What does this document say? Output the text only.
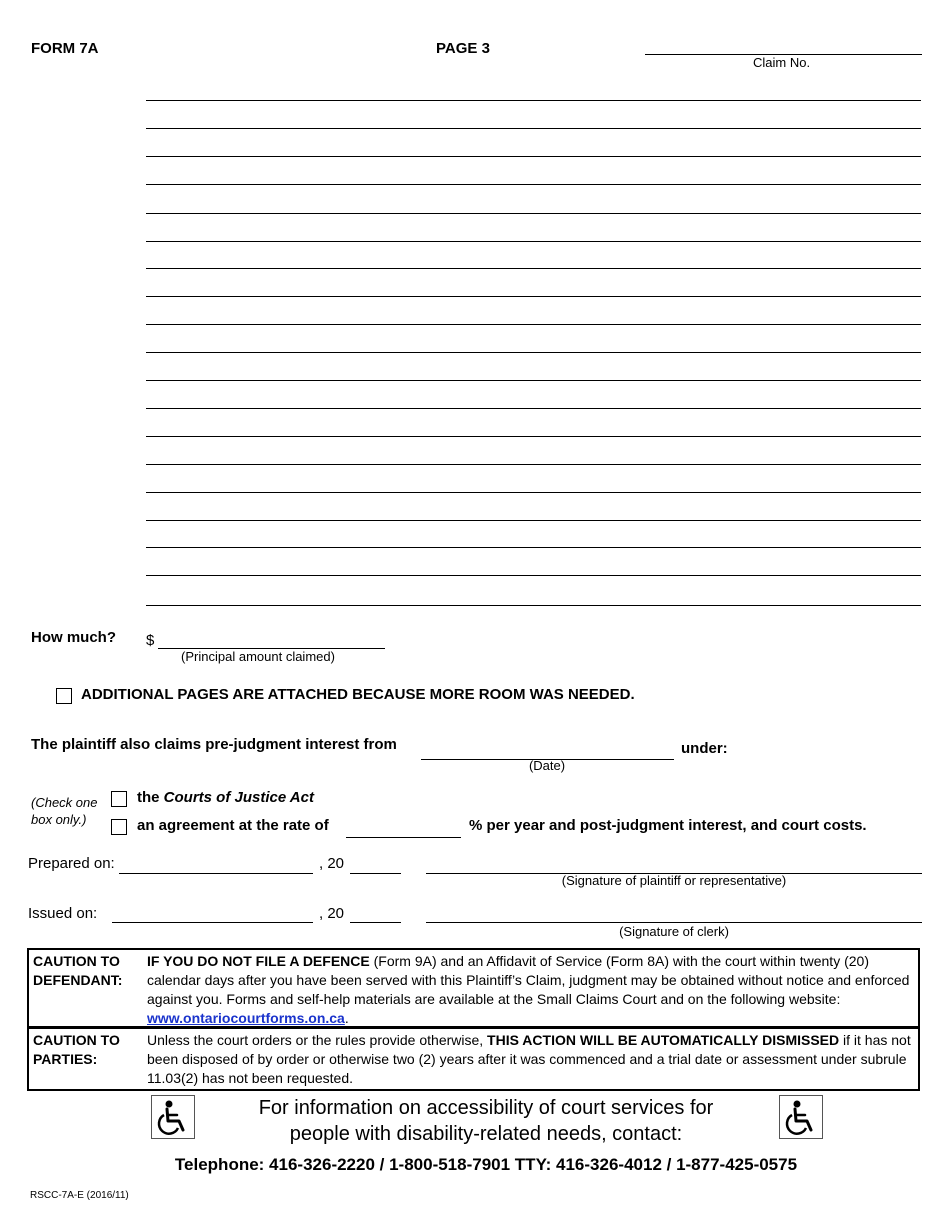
FORM 7A	PAGE 3
Claim No.
How much? $
(Principal amount claimed)
ADDITIONAL PAGES ARE ATTACHED BECAUSE MORE ROOM WAS NEEDED.
The plaintiff also claims pre-judgment interest from	under:
(Date)
(Check one
box only.)
the Courts of Justice Act
an agreement at the rate of	% per year and post-judgment interest, and court costs.
Prepared on:	, 20
(Signature of plaintiff or representative)
Issued on:	, 20
(Signature of clerk)
CAUTION TO
DEFENDANT:
IF YOU DO NOT FILE A DEFENCE (Form 9A) and an Affidavit of Service (Form 8A) with the court within twenty (20) calendar days after you have been served with this Plaintiff’s Claim, judgment may be obtained without notice and enforced against you. Forms and self-help materials are available at the Small Claims Court and on the following website: www.ontariocourtforms.on.ca.
CAUTION TO
PARTIES:
Unless the court orders or the rules provide otherwise, THIS ACTION WILL BE AUTOMATICALLY DISMISSED if it has not been disposed of by order or otherwise two (2) years after it was commenced and a trial date or assessment under subrule 11.03(2) has not been requested.
For information on accessibility of court services for
people with disability-related needs, contact:
Telephone: 416-326-2220 / 1-800-518-7901 TTY: 416-326-4012 / 1-877-425-0575
RSCC-7A-E (2016/11)
